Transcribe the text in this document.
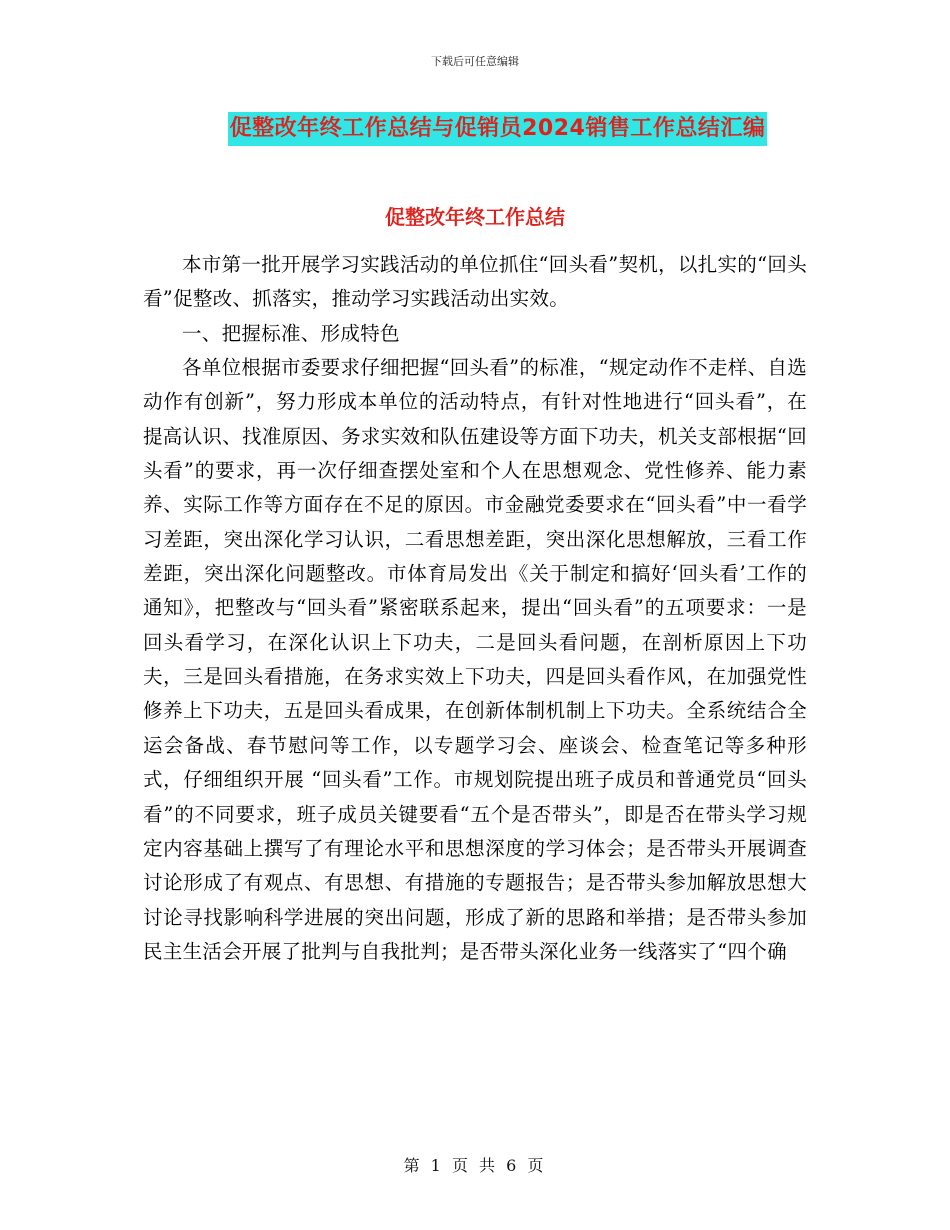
下载后可任意编辑
促整改年终工作总结与促销员2024销售工作总结汇编
促整改年终工作总结

本市第一批开展学习实践活动的单位抓住“回头看”契机，以扎实的“回头看”促整改、抓落实，推动学习实践活动出实效。

一、把握标准、形成特色

各单位根据市委要求仔细把握“回头看”的标准，“规定动作不走样、自选动作有创新”，努力形成本单位的活动特点，有针对性地进行“回头看”，在提高认识、找准原因、务求实效和队伍建设等方面下功夫，机关支部根据“回头看”的要求，再一次仔细查摆处室和个人在思想观念、党性修养、能力素养、实际工作等方面存在不足的原因。市金融党委要求在“回头看”中一看学习差距，突出深化学习认识，二看思想差距，突出深化思想解放，三看工作差距，突出深化问题整改。市体育局发出《关于制定和搞好‘回头看’工作的通知》，把整改与“回头看”紧密联系起来，提出“回头看”的五项要求：一是回头看学习，在深化认识上下功夫，二是回头看问题，在剖析原因上下功夫，三是回头看措施，在务求实效上下功夫，四是回头看作风，在加强党性修养上下功夫，五是回头看成果，在创新体制机制上下功夫。全系统结合全运会备战、春节慰问等工作，以专题学习会、座谈会、检查笔记等多种形式，仔细组织开展 “回头看”工作。市规划院提出班子成员和普通党员“回头看”的不同要求，班子成员关键要看“五个是否带头”，即是否在带头学习规定内容基础上撰写了有理论水平和思想深度的学习体会；是否带头开展调查讨论形成了有观点、有思想、有措施的专题报告；是否带头参加解放思想大讨论寻找影响科学进展的突出问题，形成了新的思路和举措；是否带头参加民主生活会开展了批判与自我批判；是否带头深化业务一线落实了“四个确

第 1 页 共 6 页
